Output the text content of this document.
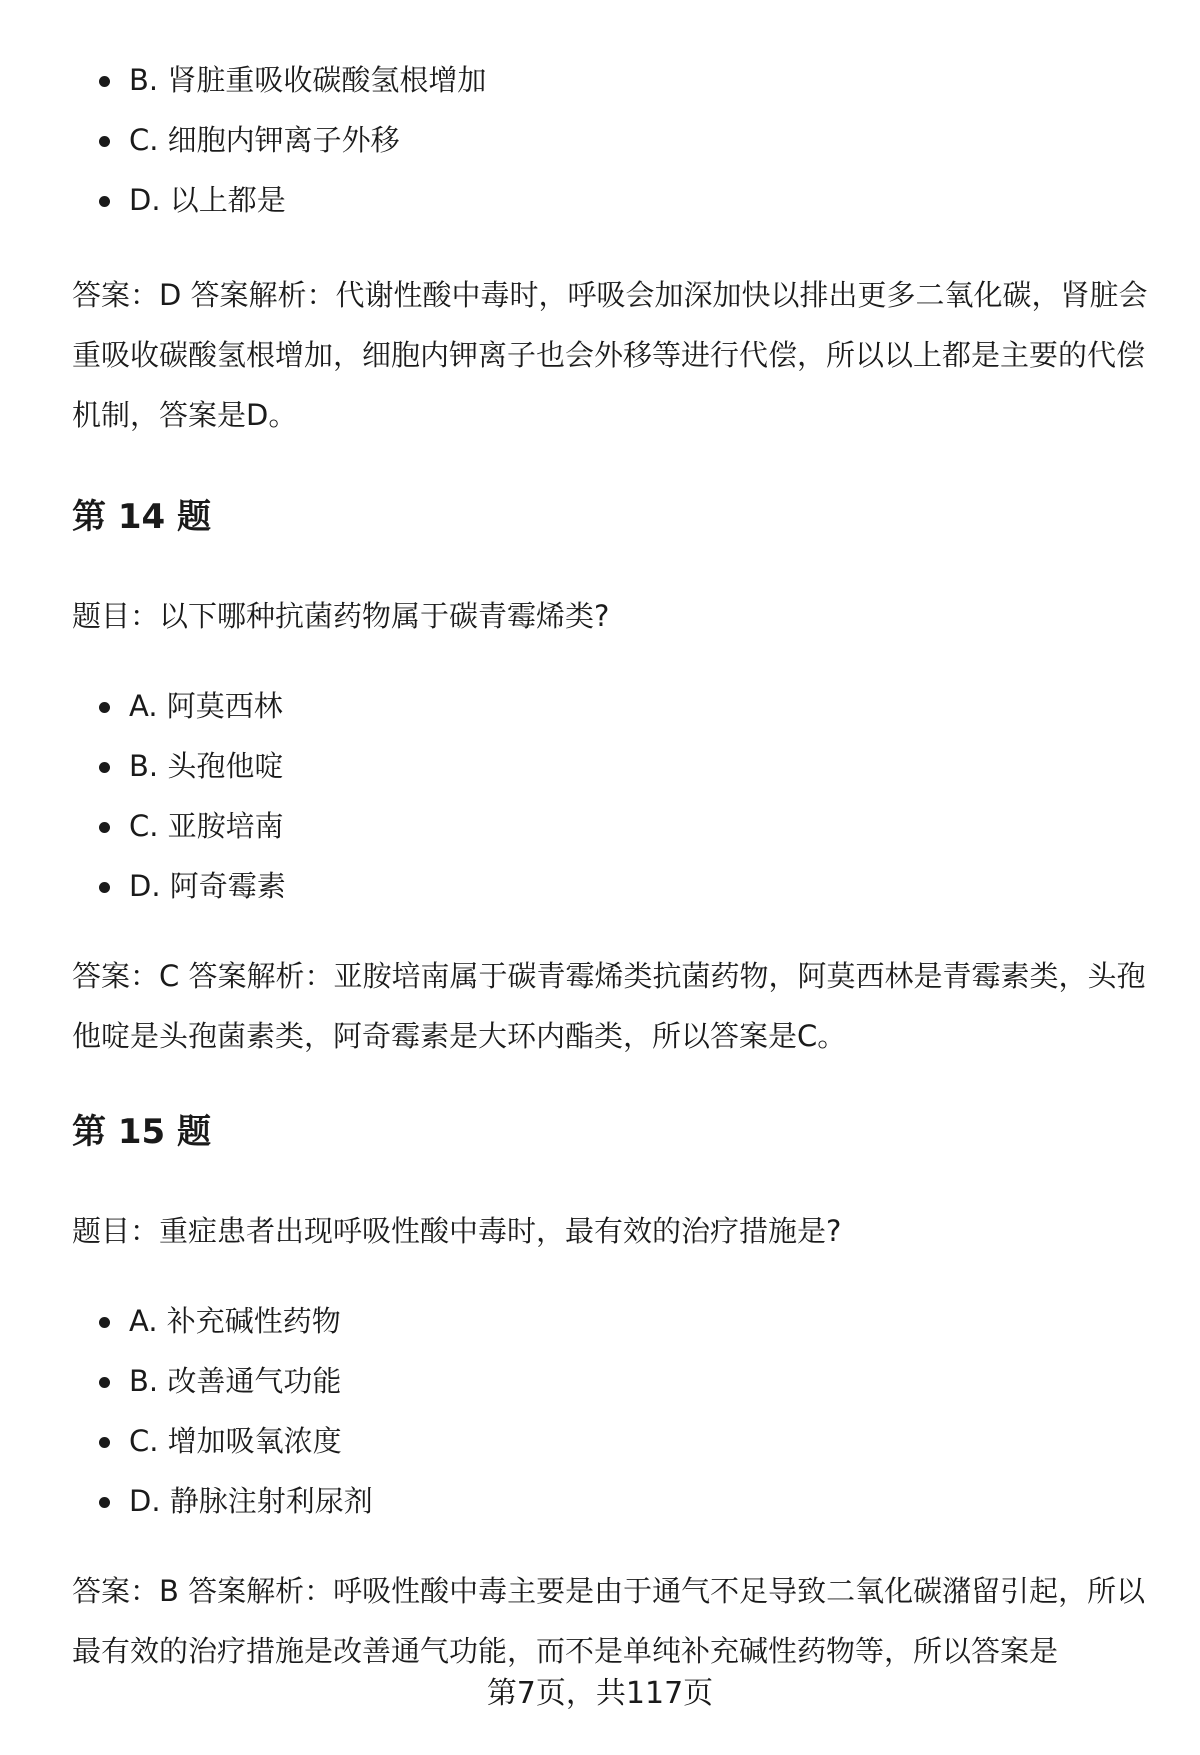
B. 肾脏重吸收碳酸氢根增加
C. 细胞内钾离子外移
D. 以上都是

答案：D 答案解析：代谢性酸中毒时，呼吸会加深加快以排出更多二氧化碳，肾脏会重吸收碳酸氢根增加，细胞内钾离子也会外移等进行代偿，所以以上都是主要的代偿机制，答案是D。

第 14 题

题目：以下哪种抗菌药物属于碳青霉烯类?

A. 阿莫西林
B. 头孢他啶
C. 亚胺培南
D. 阿奇霉素

答案：C 答案解析：亚胺培南属于碳青霉烯类抗菌药物，阿莫西林是青霉素类，头孢他啶是头孢菌素类，阿奇霉素是大环内酯类，所以答案是C。

第 15 题

题目：重症患者出现呼吸性酸中毒时，最有效的治疗措施是?

A. 补充碱性药物
B. 改善通气功能
C. 增加吸氧浓度
D. 静脉注射利尿剂

答案：B 答案解析：呼吸性酸中毒主要是由于通气不足导致二氧化碳潴留引起，所以最有效的治疗措施是改善通气功能，而不是单纯补充碱性药物等，所以答案是

第7页，共117页
